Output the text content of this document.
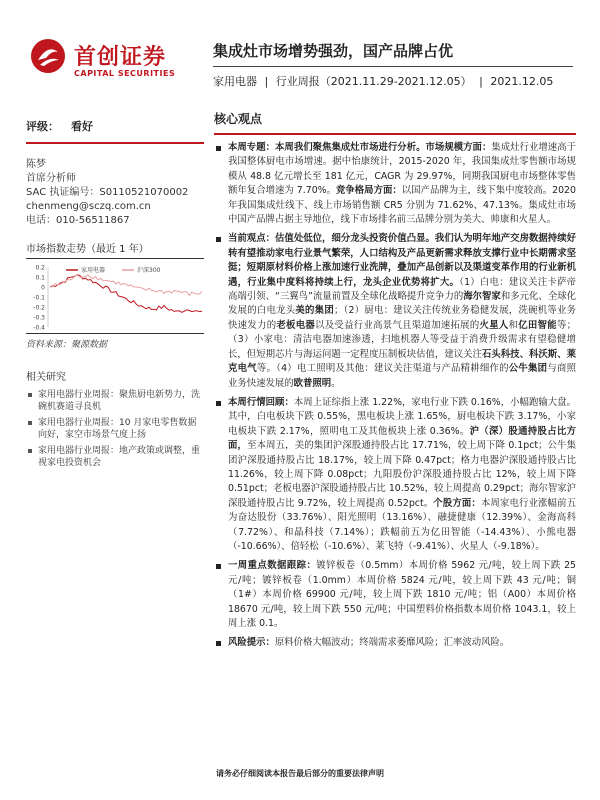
首创证券
CAPITAL SECURITIES
集成灶市场增势强劲，国产品牌占优
家用电器 | 行业周报（2021.11.29-2021.12.05） | 2021.12.05
评级： 看好
陈梦
首席分析师
SAC 执证编号：S0110521070002
chenmeng@sczq.com.cn
电话：010-56511867
市场指数走势（最近 1 年）
0.2
0.1
0
-0.1
-0.2
-0.3
-0.4
家用电器	沪深300
资料来源：聚源数据
相关研究
家用电器行业周报：聚焦厨电新势力，洗碗机赛道寻良机
家用电器行业周报：10 月家电零售数据向好，家空市场景气度上扬
家用电器行业周报：地产政策或调整，重视家电投资机会
核心观点
本周专题：本周我们聚焦集成灶市场进行分析。市场规模方面：集成灶行业增速高于我国整体厨电市场增速。据中怡康统计，2015-2020 年，我国集成灶零售额市场规模从 48.8 亿元增长至 181 亿元，CAGR 为 29.97%，同期我国厨电市场整体零售额年复合增速为 7.70%。竞争格局方面：以国产品牌为主，线下集中度较高。2020 年我国集成灶线下、线上市场销售额 CR5 分别为 71.62%、47.13%。集成灶市场中国产品牌占据主导地位，线下市场排名前三品牌分别为美大、帅康和火星人。
当前观点：估值处低位，细分龙头投资价值凸显。我们认为明年地产交房数据持续好转有望推动家电行业景气繁荣，人口结构及产品更新需求释放支撑行业中长期需求坚挺；短期原材料价格上涨加速行业洗牌，叠加产品创新以及渠道变革作用的行业新机遇，行业集中度料将持续上行，龙头企业优势将扩大。（1）白电：建议关注卡萨帝高端引领、“三翼鸟”流量前置及全球化战略提升竞争力的海尔智家和多元化、全球化发展的白电龙头美的集团；（2）厨电：建议关注传统业务稳健发展，洗碗机等业务快速发力的老板电器以及受益行业高景气且渠道加速拓展的火星人和亿田智能等；（3）小家电：清洁电器加速渗透，扫地机器人等受益于消费升级需求有望稳健增长，但短期芯片与海运问题一定程度压制板块估值，建议关注石头科技、科沃斯、莱克电气等。（4）电工照明及其他：建议关注渠道与产品精耕细作的公牛集团与商照业务快速发展的欧普照明。
本周行情回顾：本周上证综指上涨 1.22%，家电行业下跌 0.16%，小幅跑输大盘。其中，白电板块下跌 0.55%，黑电板块上涨 1.65%，厨电板块下跌 3.17%，小家电板块下跌 2.17%，照明电工及其他板块上涨 0.36%。沪（深）股通持股占比方面，至本周五，美的集团沪深股通持股占比 17.71%，较上周下降 0.1pct；公牛集团沪深股通持股占比 18.17%，较上周下降 0.47pct；格力电器沪深股通持股占比 11.26%，较上周下降 0.08pct；九阳股份沪深股通持股占比 12%，较上周下降 0.51pct；老板电器沪深股通持股占比 10.52%，较上周提高 0.29pct；海尔智家沪深股通持股占比 9.72%，较上周提高 0.52pct。个股方面：本周家电行业涨幅前五为奋达股份（33.76%）、阳光照明（13.16%）、融捷健康（12.39%）、金海高科（7.72%）、和晶科技（7.14%）；跌幅前五为亿田智能（-14.43%）、小熊电器（-10.66%）、倍轻松（-10.6%）、莱飞特（-9.41%）、火星人（-9.18%）。
一周重点数据跟踪：镀锌板卷（0.5mm）本周价格 5962 元/吨，较上周下跌 25 元/吨；镀锌板卷（1.0mm）本周价格 5824 元/吨，较上周下跌 43 元/吨；铜（1#）本周价格 69900 元/吨，较上周下跌 1810 元/吨；铝（A00）本周价格 18670 元/吨，较上周下跌 550 元/吨；中国塑料价格指数本周价格 1043.1，较上周上涨 0.1。
风险提示：原料价格大幅波动；终端需求萎靡风险；汇率波动风险。
请务必仔细阅读本报告最后部分的重要法律声明
